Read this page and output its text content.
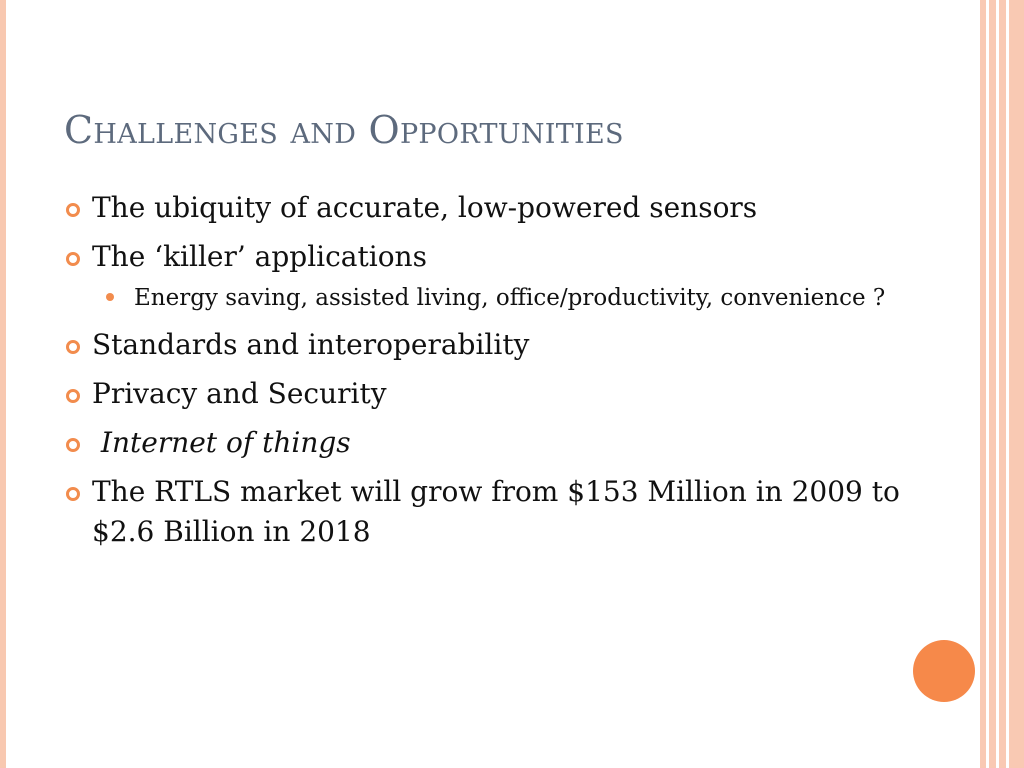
Challenges and Opportunities
The ubiquity of accurate, low-powered sensors
The ‘killer’ applications
Energy saving, assisted living, office/productivity, convenience ?
Standards and interoperability
Privacy and Security
Internet of things
The RTLS market will grow from $153 Million in 2009 to $2.6 Billion in 2018
